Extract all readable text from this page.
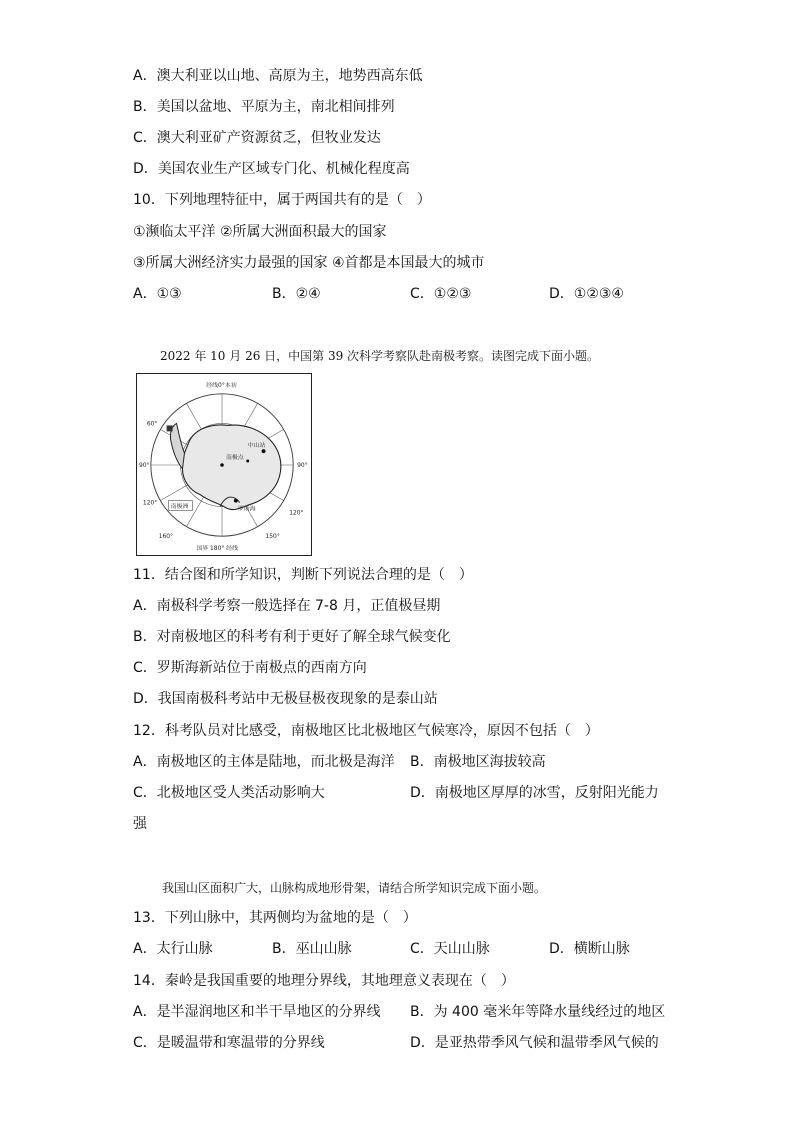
A．澳大利亚以山地、高原为主，地势西高东低
B．美国以盆地、平原为主，南北相间排列
C．澳大利亚矿产资源贫乏，但牧业发达
D．美国农业生产区域专门化、机械化程度高
10．下列地理特征中，属于两国共有的是（　）
①濒临太平洋 ②所属大洲面积最大的国家
③所属大洲经济实力最强的国家 ④首都是本国最大的城市
A．①③	B．②④	C．①②③	D．①②③④
2022 年 10 月 26 日，中国第 39 次科学考察队赴南极考察。读图完成下面小题。
经线0°本初
国界 180° 经线
90°	90°
60°
120°
120°
160°	150°
南极洲
南极点
中山站
罗斯海
11．结合图和所学知识，判断下列说法合理的是（　）
A．南极科学考察一般选择在 7-8 月，正值极昼期
B．对南极地区的科考有利于更好了解全球气候变化
C．罗斯海新站位于南极点的西南方向
D．我国南极科考站中无极昼极夜现象的是泰山站
12．科考队员对比感受，南极地区比北极地区气候寒冷，原因不包括（　）
A．南极地区的主体是陆地，而北极是海洋 B．南极地区海拔较高
C．北极地区受人类活动影响大	D．南极地区厚厚的冰雪，反射阳光能力
强
我国山区面积广大，山脉构成地形骨架，请结合所学知识完成下面小题。
13．下列山脉中，其两侧均为盆地的是（　）
A．太行山脉	B．巫山山脉	C．天山山脉	D．横断山脉
14．秦岭是我国重要的地理分界线，其地理意义表现在（　）
A．是半湿润地区和半干旱地区的分界线 B．为 400 毫米年等降水量线经过的地区
C．是暖温带和寒温带的分界线	D．是亚热带季风气候和温带季风气候的
